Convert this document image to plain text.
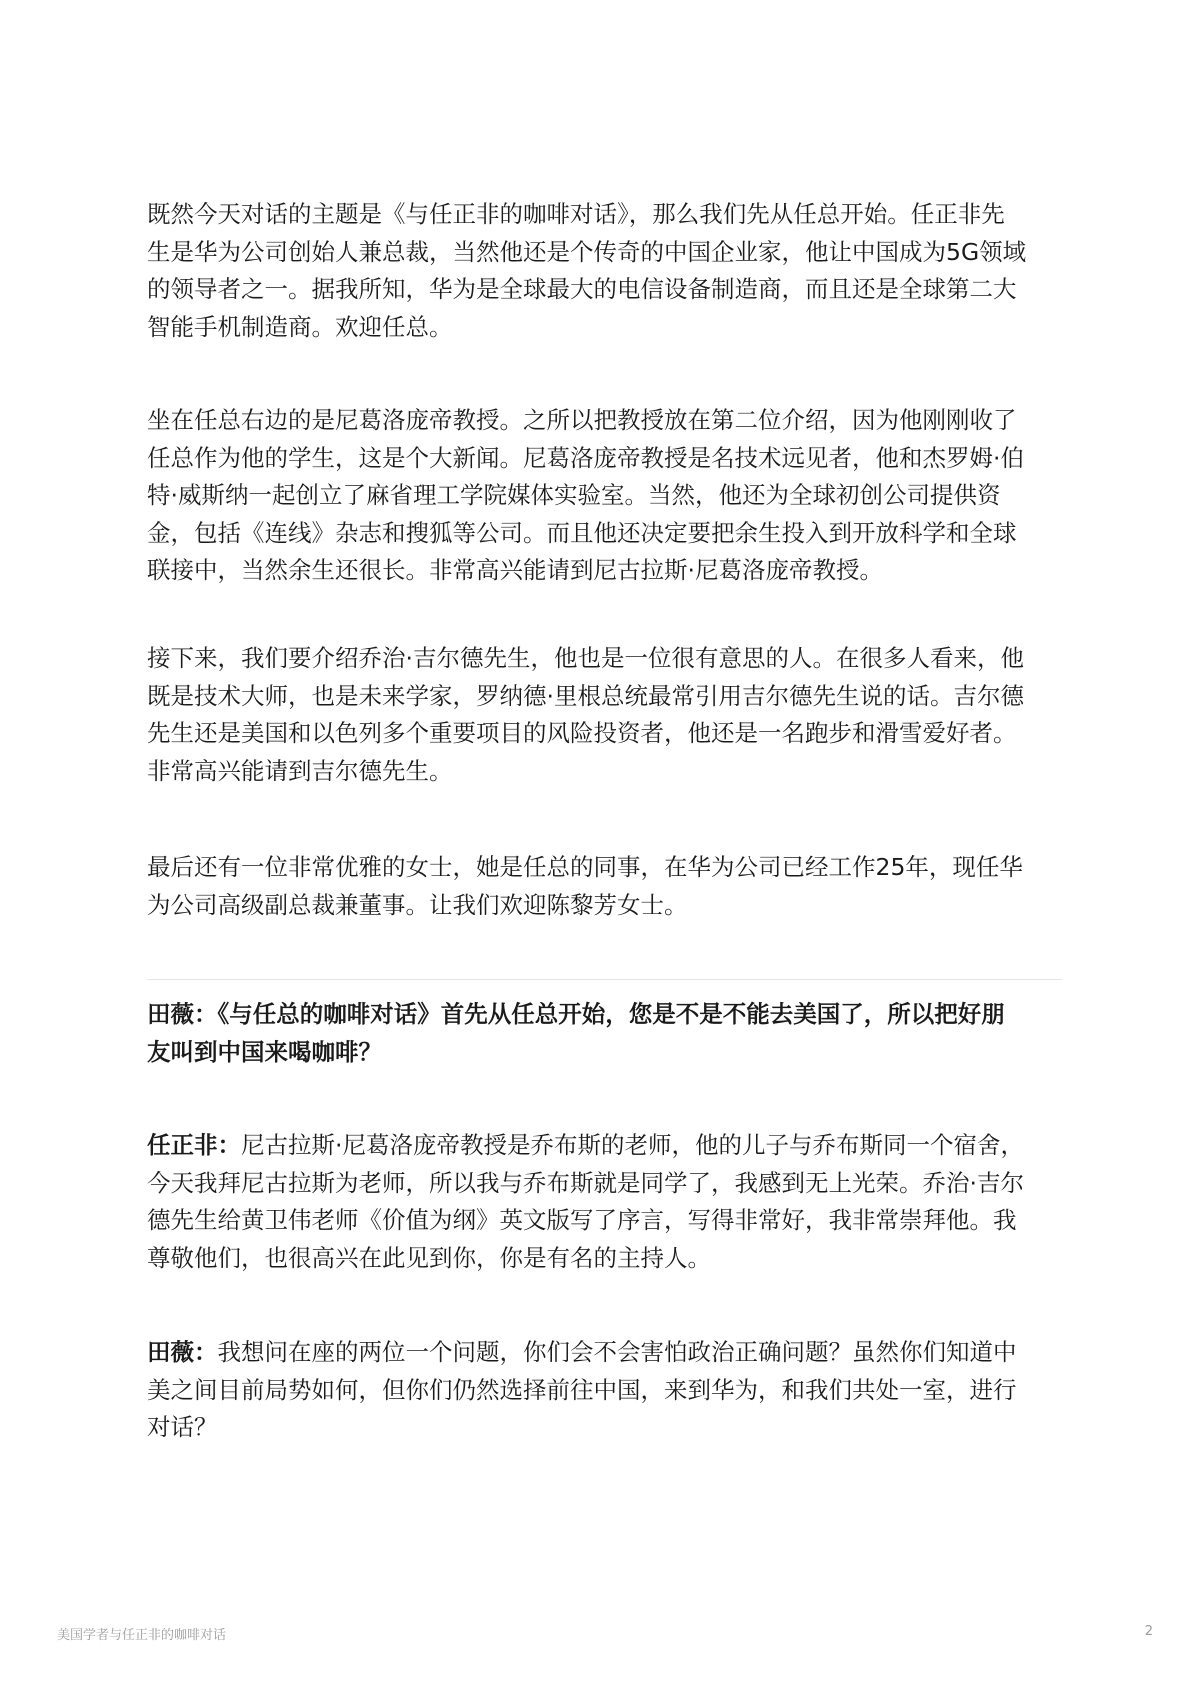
既然今天对话的主题是《与任正非的咖啡对话》，那么我们先从任总开始。任正非先
生是华为公司创始人兼总裁，当然他还是个传奇的中国企业家，他让中国成为5G领域
的领导者之一。据我所知，华为是全球最大的电信设备制造商，而且还是全球第二大
智能手机制造商。欢迎任总。
坐在任总右边的是尼葛洛庞帝教授。之所以把教授放在第二位介绍，因为他刚刚收了
任总作为他的学生，这是个大新闻。尼葛洛庞帝教授是名技术远见者，他和杰罗姆·伯
特·威斯纳一起创立了麻省理工学院媒体实验室。当然，他还为全球初创公司提供资
金，包括《连线》杂志和搜狐等公司。而且他还决定要把余生投入到开放科学和全球
联接中，当然余生还很长。非常高兴能请到尼古拉斯·尼葛洛庞帝教授。
接下来，我们要介绍乔治·吉尔德先生，他也是一位很有意思的人。在很多人看来，他
既是技术大师，也是未来学家，罗纳德·里根总统最常引用吉尔德先生说的话。吉尔德
先生还是美国和以色列多个重要项目的风险投资者，他还是一名跑步和滑雪爱好者。
非常高兴能请到吉尔德先生。
最后还有一位非常优雅的女士，她是任总的同事，在华为公司已经工作25年，现任华
为公司高级副总裁兼董事。让我们欢迎陈黎芳女士。
田薇：《与任总的咖啡对话》首先从任总开始，您是不是不能去美国了，所以把好朋
友叫到中国来喝咖啡？
任正非：尼古拉斯·尼葛洛庞帝教授是乔布斯的老师，他的儿子与乔布斯同一个宿舍，
今天我拜尼古拉斯为老师，所以我与乔布斯就是同学了，我感到无上光荣。乔治·吉尔
德先生给黄卫伟老师《价值为纲》英文版写了序言，写得非常好，我非常崇拜他。我
尊敬他们，也很高兴在此见到你，你是有名的主持人。
田薇：我想问在座的两位一个问题，你们会不会害怕政治正确问题？虽然你们知道中
美之间目前局势如何，但你们仍然选择前往中国，来到华为，和我们共处一室，进行
对话？
美国学者与任正非的咖啡对话	2
